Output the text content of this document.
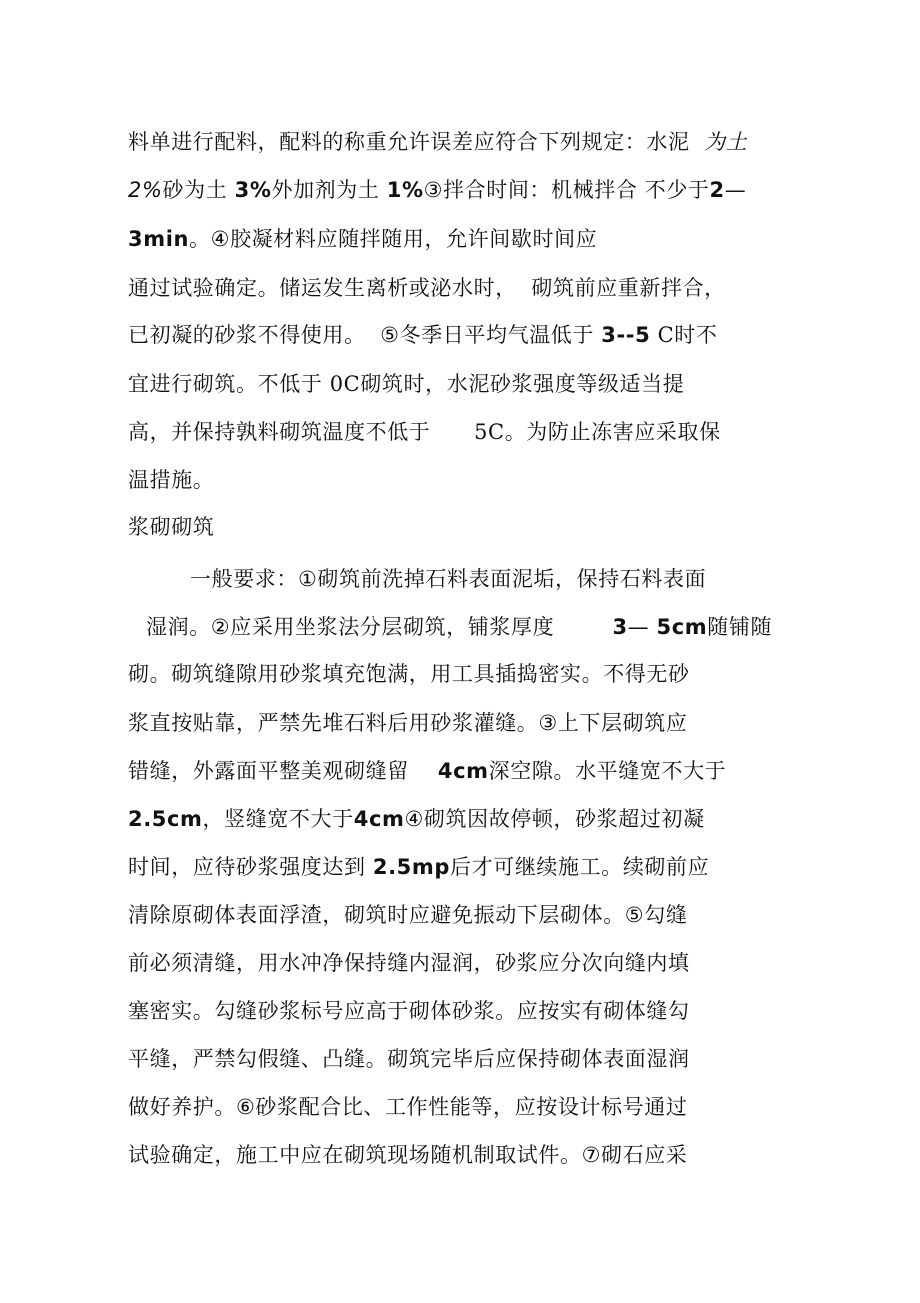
料单进行配料，配料的称重允许误差应符合下列规定：水泥 为土
2%砂为土 3%外加剂为土 1%③拌合时间：机械拌合 不少于2—
3min。④胶凝材料应随拌随用，允许间歇时间应
通过试验确定。储运发生离析或泌水时， 砌筑前应重新拌合，
已初凝的砂浆不得使用。 ⑤冬季日平均气温低于 3--5 C时不
宜进行砌筑。不低于 0C砌筑时，水泥砂浆强度等级适当提
高，并保持孰料砌筑温度不低于 5C。为防止冻害应采取保
温措施。
浆砌砌筑
一般要求：①砌筑前洗掉石料表面泥垢，保持石料表面
湿润。②应采用坐浆法分层砌筑，铺浆厚度	3— 5cm随铺随
砌。砌筑缝隙用砂浆填充饱满，用工具插捣密实。不得无砂
浆直按贴靠，严禁先堆石料后用砂浆灌缝。③上下层砌筑应
错缝，外露面平整美观砌缝留 4cm深空隙。水平缝宽不大于
2.5cm，竖缝宽不大于4cm④砌筑因故停顿，砂浆超过初凝
时间，应待砂浆强度达到 2.5mp后才可继续施工。续砌前应
清除原砌体表面浮渣，砌筑时应避免振动下层砌体。⑤勾缝
前必须清缝，用水冲净保持缝内湿润，砂浆应分次向缝内填
塞密实。勾缝砂浆标号应高于砌体砂浆。应按实有砌体缝勾
平缝，严禁勾假缝、凸缝。砌筑完毕后应保持砌体表面湿润
做好养护。⑥砂浆配合比、工作性能等，应按设计标号通过
试验确定，施工中应在砌筑现场随机制取试件。⑦砌石应采
